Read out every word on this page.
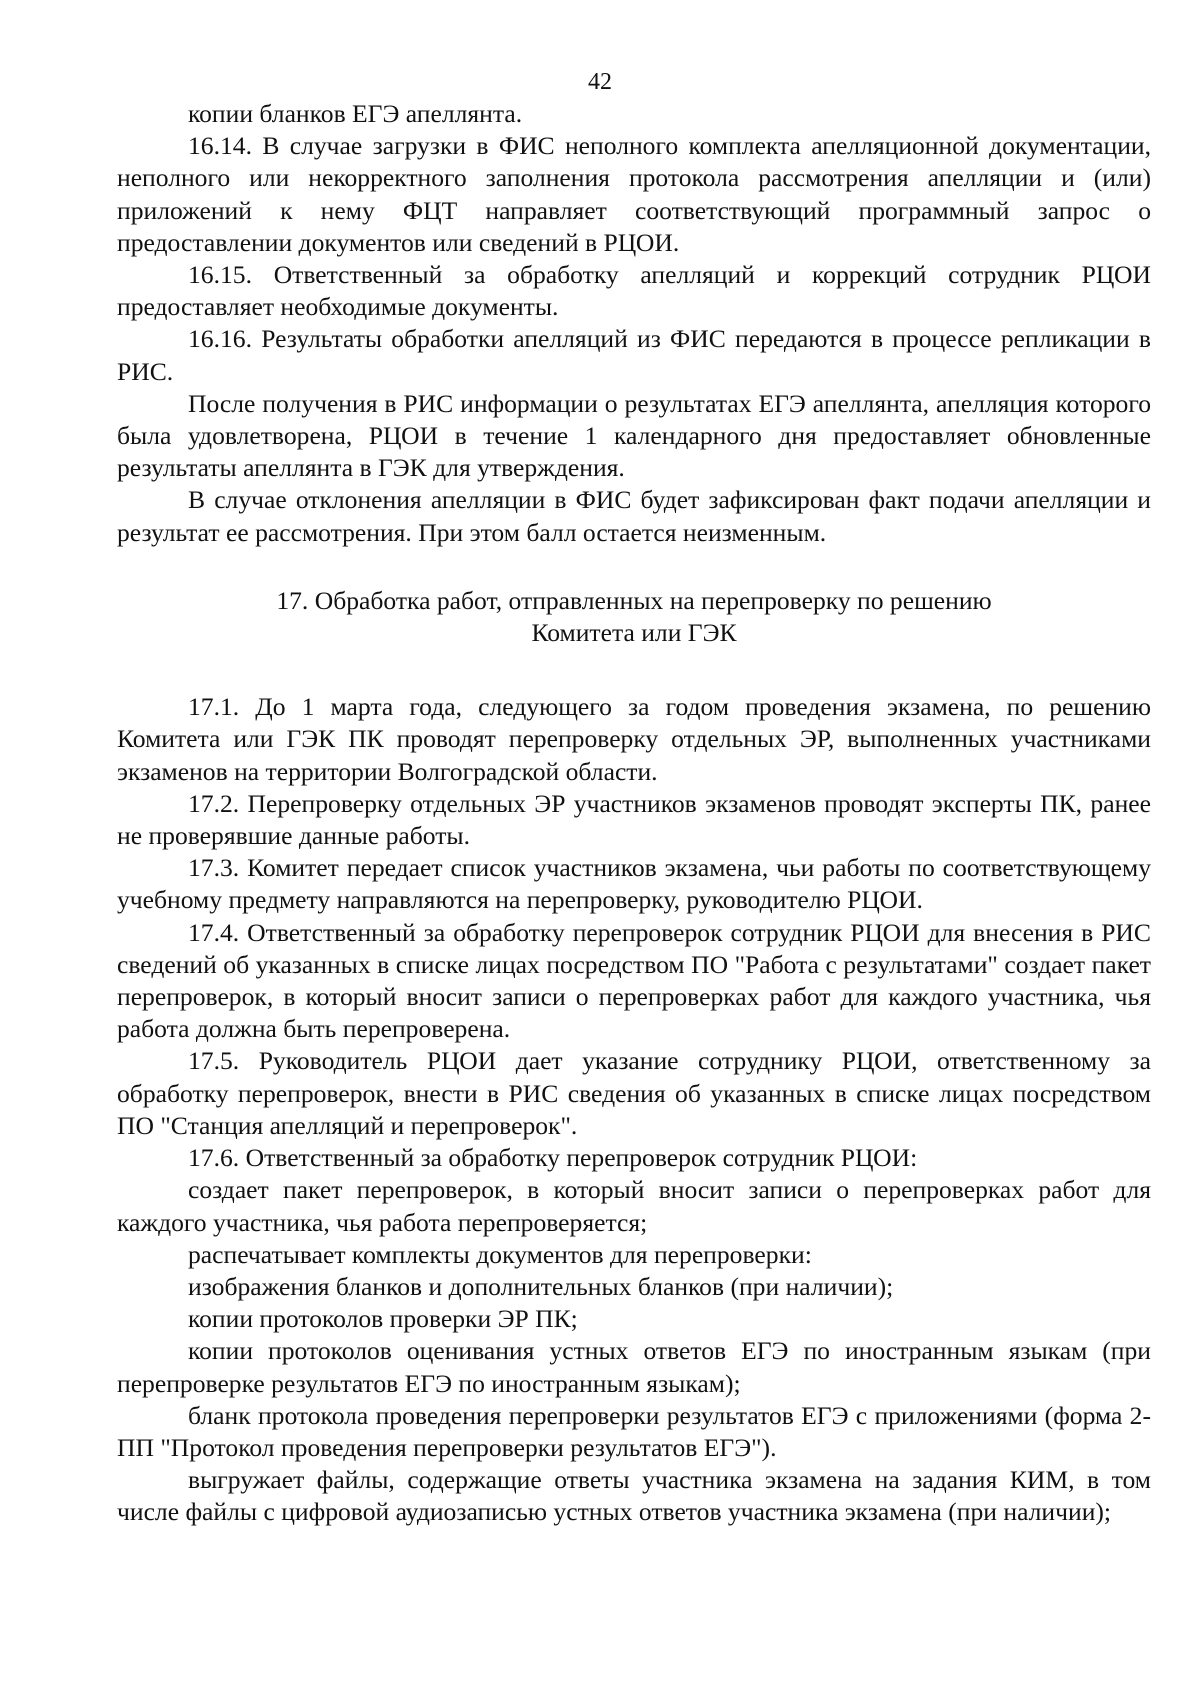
42

копии бланков ЕГЭ апеллянта.

16.14. В случае загрузки в ФИС неполного комплекта апелляционной документации, неполного или некорректного заполнения протокола рассмотрения апелляции и (или) приложений к нему ФЦТ направляет соответствующий программный запрос о предоставлении документов или сведений в РЦОИ.

16.15. Ответственный за обработку апелляций и коррекций сотрудник РЦОИ предоставляет необходимые документы.

16.16. Результаты обработки апелляций из ФИС передаются в процессе репликации в РИС.

После получения в РИС информации о результатах ЕГЭ апеллянта, апелляция которого была удовлетворена, РЦОИ в течение 1 календарного дня предоставляет обновленные результаты апеллянта в ГЭК для утверждения.

В случае отклонения апелляции в ФИС будет зафиксирован факт подачи апелляции и результат ее рассмотрения. При этом балл остается неизменным.

17. Обработка работ, отправленных на перепроверку по решению
Комитета или ГЭК

17.1. До 1 марта года, следующего за годом проведения экзамена, по решению Комитета или ГЭК ПК проводят перепроверку отдельных ЭР, выполненных участниками экзаменов на территории Волгоградской области.

17.2. Перепроверку отдельных ЭР участников экзаменов проводят эксперты ПК, ранее не проверявшие данные работы.

17.3. Комитет передает список участников экзамена, чьи работы по соответствующему учебному предмету направляются на перепроверку, руководителю РЦОИ.

17.4. Ответственный за обработку перепроверок сотрудник РЦОИ для внесения в РИС сведений об указанных в списке лицах посредством ПО "Работа с результатами" создает пакет перепроверок, в который вносит записи о перепроверках работ для каждого участника, чья работа должна быть перепроверена.

17.5. Руководитель РЦОИ дает указание сотруднику РЦОИ, ответственному за обработку перепроверок, внести в РИС сведения об указанных в списке лицах посредством ПО "Станция апелляций и перепроверок".

17.6. Ответственный за обработку перепроверок сотрудник РЦОИ:

создает пакет перепроверок, в который вносит записи о перепроверках работ для каждого участника, чья работа перепроверяется;

распечатывает комплекты документов для перепроверки:

изображения бланков и дополнительных бланков (при наличии);

копии протоколов проверки ЭР ПК;

копии протоколов оценивания устных ответов ЕГЭ по иностранным языкам (при перепроверке результатов ЕГЭ по иностранным языкам);

бланк протокола проведения перепроверки результатов ЕГЭ с приложениями (форма 2-ПП "Протокол проведения перепроверки результатов ЕГЭ").

выгружает файлы, содержащие ответы участника экзамена на задания КИМ, в том числе файлы с цифровой аудиозаписью устных ответов участника экзамена (при наличии);
